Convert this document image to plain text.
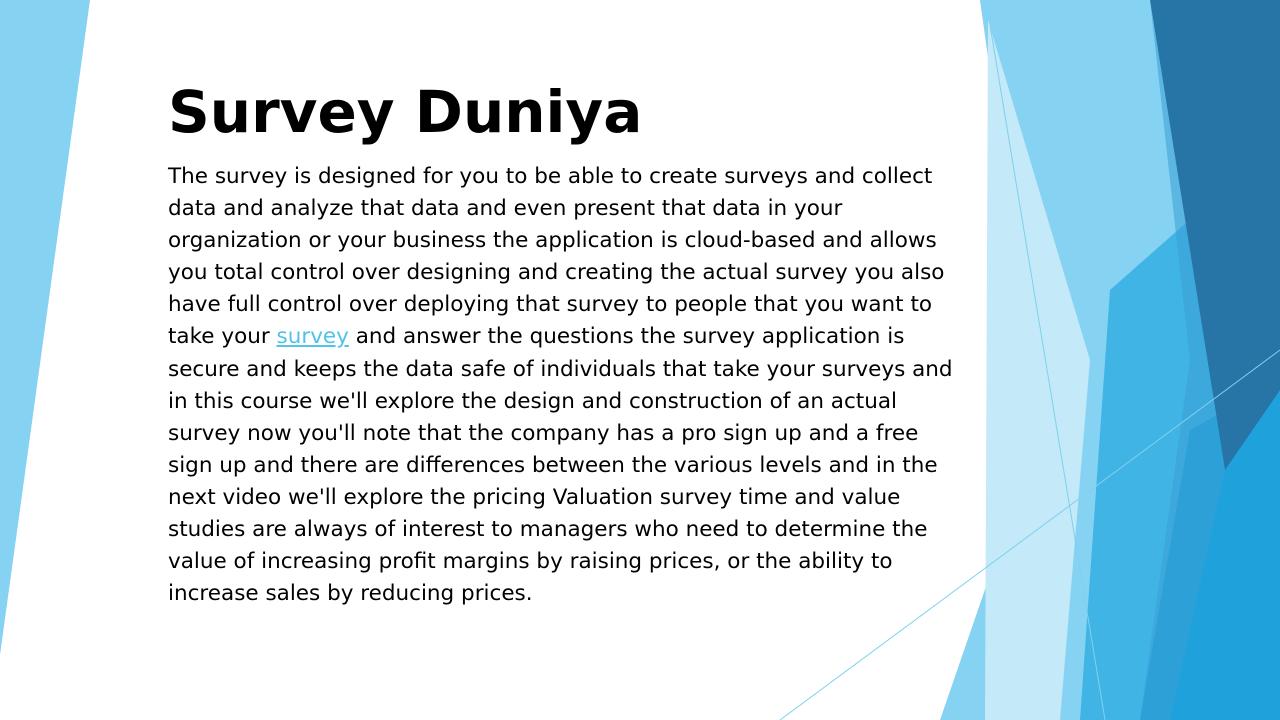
Survey Duniya

The survey is designed for you to be able to create surveys and collect data and analyze that data and even present that data in your organization or your business the application is cloud-based and allows you total control over designing and creating the actual survey you also have full control over deploying that survey to people that you want to take your survey and answer the questions the survey application is secure and keeps the data safe of individuals that take your surveys and in this course we'll explore the design and construction of an actual survey now you'll note that the company has a pro sign up and a free sign up and there are differences between the various levels and in the next video we'll explore the pricing Valuation survey time and value studies are always of interest to managers who need to determine the value of increasing profit margins by raising prices, or the ability to increase sales by reducing prices.
